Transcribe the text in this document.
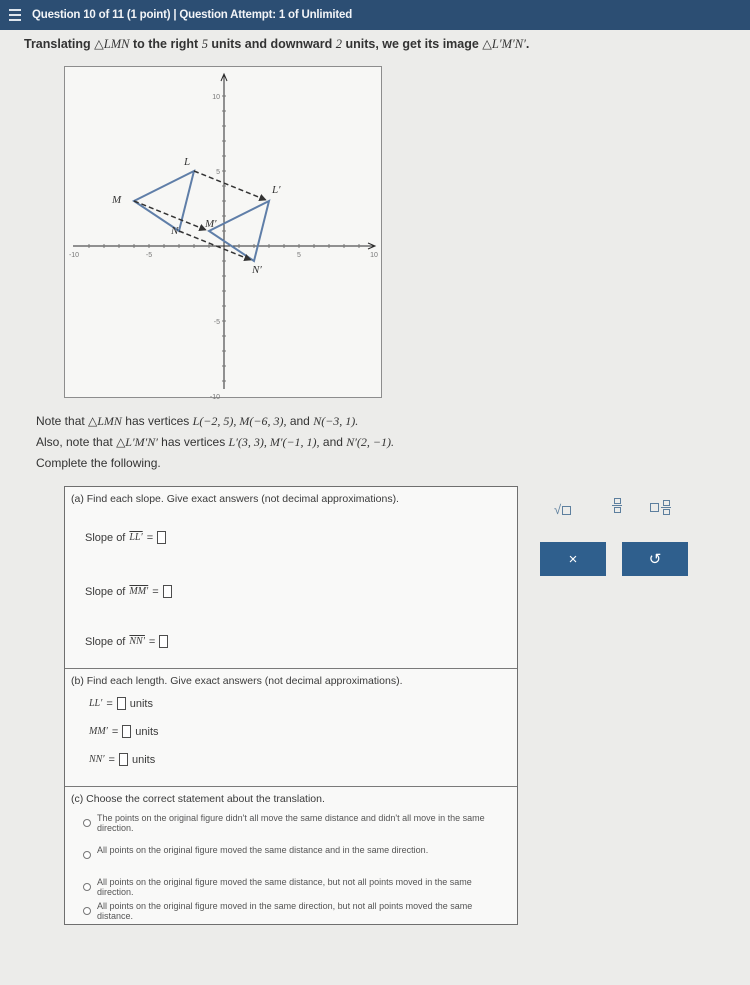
Question 10 of 11 (1 point) | Question Attempt: 1 of Unlimited
Translating △LMN to the right 5 units and downward 2 units, we get its image △L′M′N′.
10
5
-5
-10
-10	-5	5	10
L
M
N
L′
M′
N′
Note that △LMN has vertices L(−2, 5), M(−6, 3), and N(−3, 1).
Also, note that △L′M′N′ has vertices L′(3, 3), M′(−1, 1), and N′(2, −1).
Complete the following.
(a) Find each slope. Give exact answers (not decimal approximations).
Slope of LL′ =
Slope of MM′ =
Slope of NN′ =
(b) Find each length. Give exact answers (not decimal approximations).
LL′ = units
MM′ = units
NN′ = units
(c) Choose the correct statement about the translation.
The points on the original figure didn't all move the same distance and didn't all move in the same direction.
All points on the original figure moved the same distance and in the same direction.
All points on the original figure moved the same distance, but not all points moved in the same direction.
All points on the original figure moved in the same direction, but not all points moved the same distance.
√
×	↺
